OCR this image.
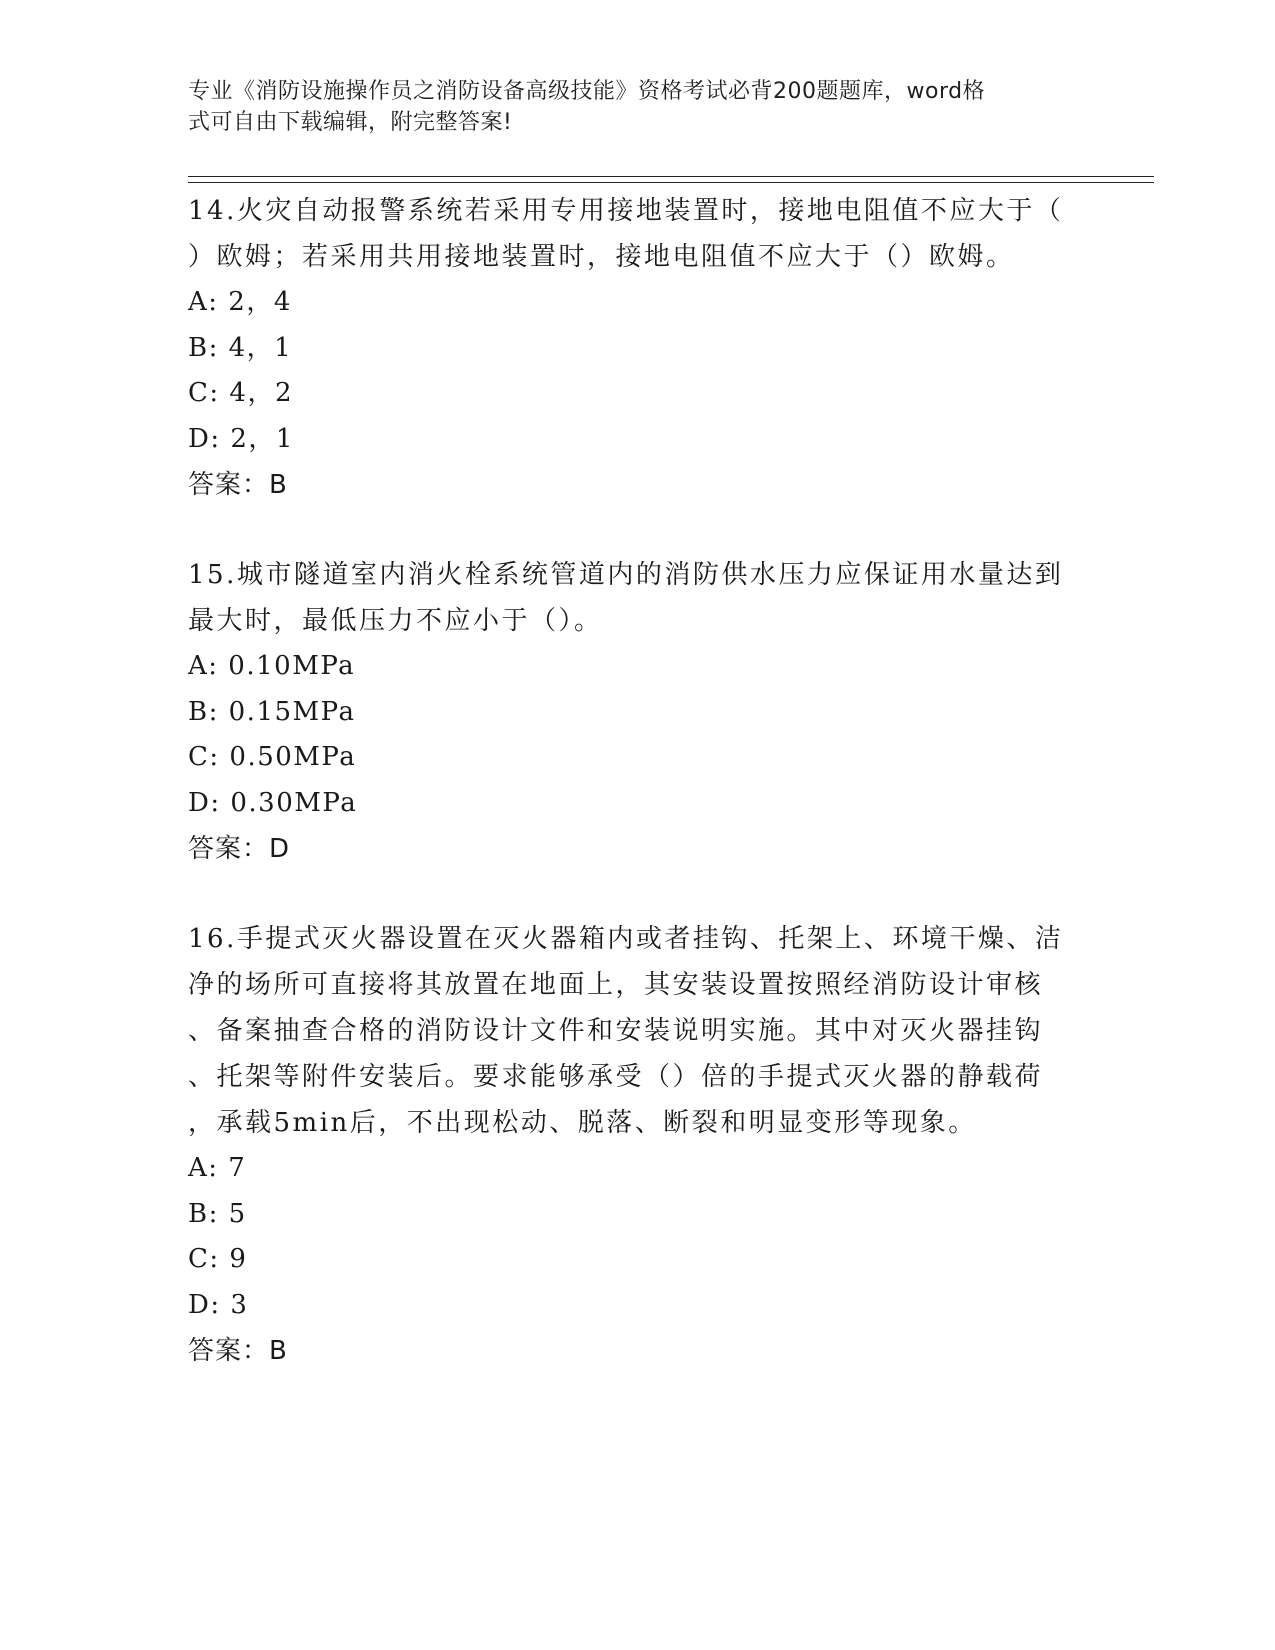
专业《消防设施操作员之消防设备高级技能》资格考试必背200题题库，word格
式可自由下载编辑，附完整答案!

14.火灾自动报警系统若采用专用接地装置时，接地电阻值不应大于（

）欧姆；若采用共用接地装置时，接地电阻值不应大于（）欧姆。

A: 2，4

B: 4，1

C: 4，2

D: 2，1

答案：B

15.城市隧道室内消火栓系统管道内的消防供水压力应保证用水量达到

最大时，最低压力不应小于（）。

A: 0.10MPa

B: 0.15MPa

C: 0.50MPa

D: 0.30MPa

答案：D

16.手提式灭火器设置在灭火器箱内或者挂钩、托架上、环境干燥、洁

净的场所可直接将其放置在地面上，其安装设置按照经消防设计审核

、备案抽查合格的消防设计文件和安装说明实施。其中对灭火器挂钩

、托架等附件安装后。要求能够承受（）倍的手提式灭火器的静载荷

，承载5min后，不出现松动、脱落、断裂和明显变形等现象。

A: 7

B: 5

C: 9

D: 3

答案：B
